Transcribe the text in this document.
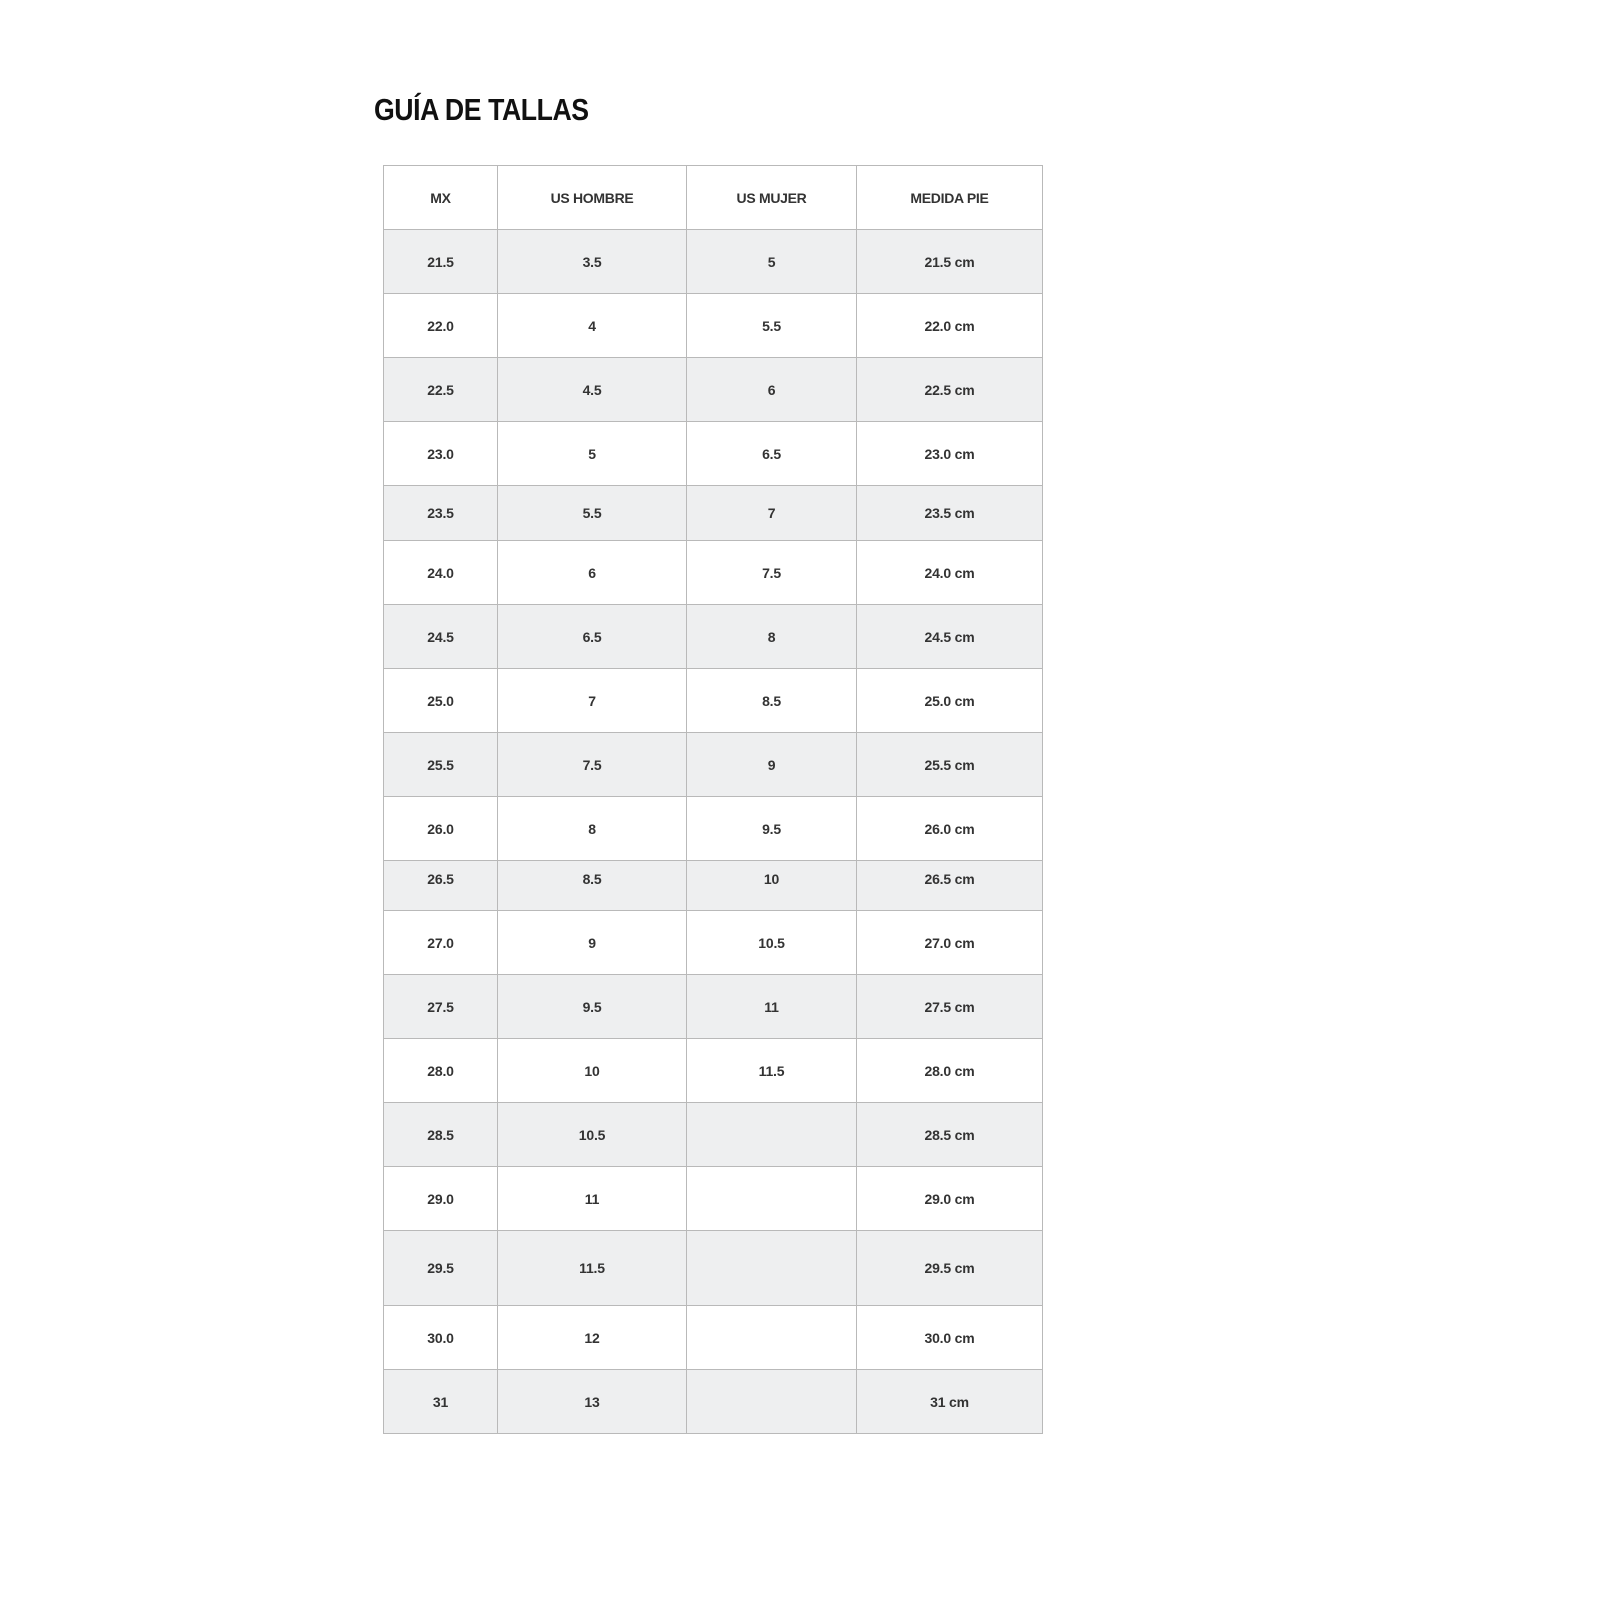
GUÍA DE TALLAS
MX	US HOMBRE	US MUJER	MEDIDA PIE
21.5	3.5	5	21.5 cm
22.0	4	5.5	22.0 cm
22.5	4.5	6	22.5 cm
23.0	5	6.5	23.0 cm
23.5	5.5	7	23.5 cm
24.0	6	7.5	24.0 cm
24.5	6.5	8	24.5 cm
25.0	7	8.5	25.0 cm
25.5	7.5	9	25.5 cm
26.0	8	9.5	26.0 cm
26.5	8.5	10	26.5 cm
27.0	9	10.5	27.0 cm
27.5	9.5	11	27.5 cm
28.0	10	11.5	28.0 cm
28.5	10.5		28.5 cm
29.0	11		29.0 cm
29.5	11.5		29.5 cm
30.0	12		30.0 cm
31	13		31 cm
